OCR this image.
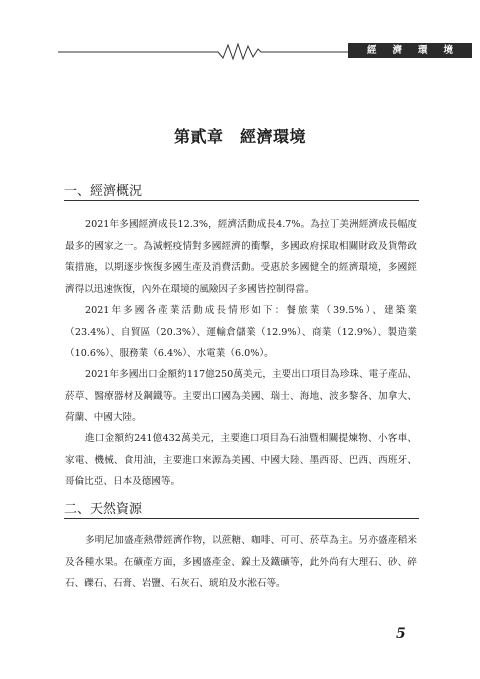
經濟環境
第貳章　經濟環境
一、經濟概況

2021年多國經濟成長12.3%，經濟活動成長4.7%。為拉丁美洲經濟成長幅度最多的國家之一。為減輕疫情對多國經濟的衝擊，多國政府採取相關財政及貨幣政策措施，以期逐步恢復多國生產及消費活動。受惠於多國健全的經濟環境，多國經濟得以迅速恢復，內外在環境的風險因子多國皆控制得當。

2021年多國各產業活動成長情形如下：餐旅業（39.5%）、建築業（23.4%）、自貿區（20.3%）、運輸倉儲業（12.9%）、商業（12.9%）、製造業（10.6%）、服務業（6.4%）、水電業（6.0%）。

2021年多國出口金額約117億250萬美元，主要出口項目為珍珠、電子產品、菸草、醫療器材及鋼鐵等。主要出口國為美國、瑞士、海地、波多黎各、加拿大、荷蘭、中國大陸。

進口金額約241億432萬美元，主要進口項目為石油暨相關提煉物、小客車、家電、機械、食用油，主要進口來源為美國、中國大陸、墨西哥、巴西、西班牙、哥倫比亞、日本及德國等。

二、天然資源

多明尼加盛產熱帶經濟作物，以蔗糖、咖啡、可可、菸草為主。另亦盛產稻米及各種水果。在礦產方面，多國盛產金、鎳土及鐵礦等，此外尚有大理石、砂、碎石、礫石、石膏、岩鹽、石灰石、琥珀及水淞石等。

5
